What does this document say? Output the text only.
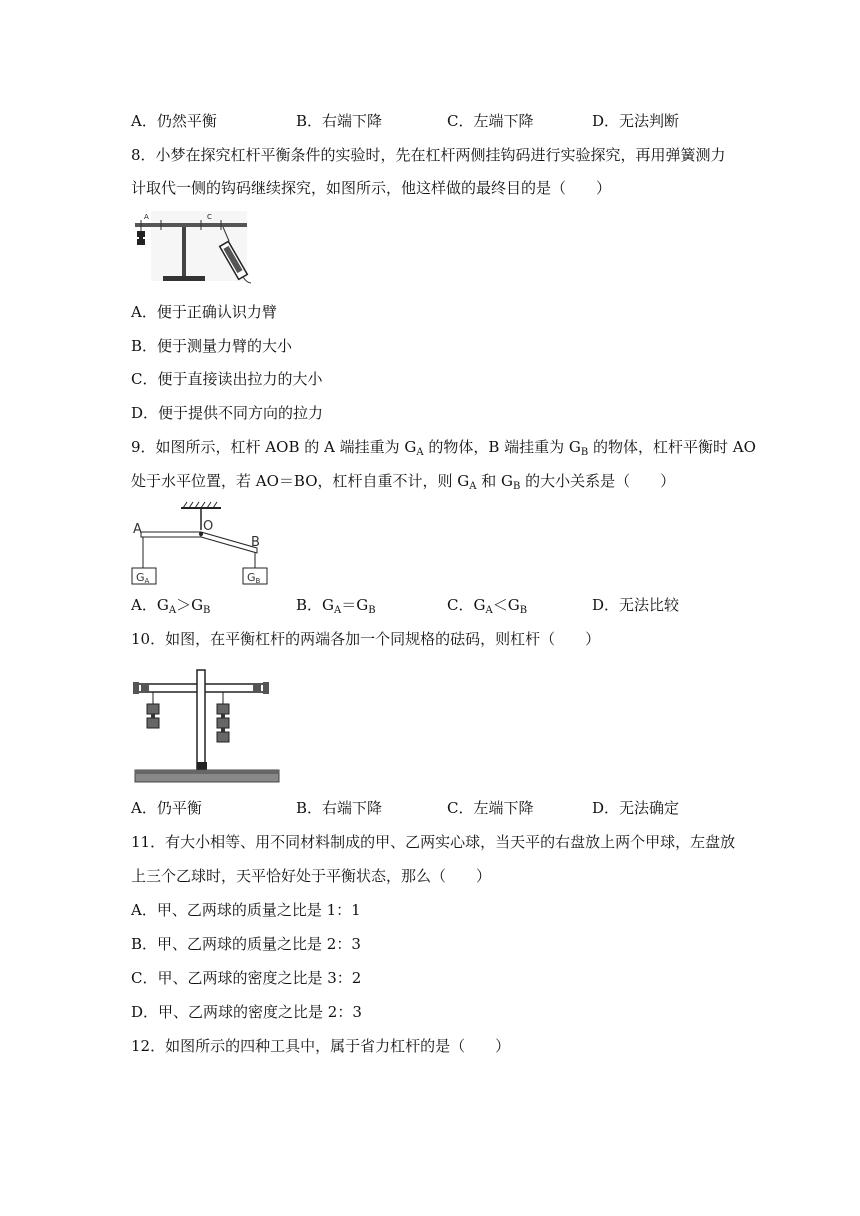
A．仍然平衡	B．右端下降	C．左端下降	D．无法判断
8．小梦在探究杠杆平衡条件的实验时，先在杠杆两侧挂钩码进行实验探究，再用弹簧测力
计取代一侧的钩码继续探究，如图所示，他这样做的最终目的是（　　）
A	C
A．便于正确认识力臂
B．便于测量力臂的大小
C．便于直接读出拉力的大小
D．便于提供不同方向的拉力
9．如图所示，杠杆 AOB 的 A 端挂重为 $G_A$ 的物体，B 端挂重为 $G_B$ 的物体，杠杆平衡时 AO
处于水平位置，若 AO＝BO，杠杆自重不计，则 $G_A$ 和 $G_B$ 的大小关系是（　　）
A	O
B
GA	GB
A．$G_A>G_B$	B．$G_A=G_B$	C．$G_A<G_B$	D．无法比较
10．如图，在平衡杠杆的两端各加一个同规格的砝码，则杠杆（　　）
A．仍平衡	B．右端下降	C．左端下降	D．无法确定
11．有大小相等、用不同材料制成的甲、乙两实心球，当天平的右盘放上两个甲球，左盘放
上三个乙球时，天平恰好处于平衡状态，那么（　　）
A．甲、乙两球的质量之比是 1：1
B．甲、乙两球的质量之比是 2：3
C．甲、乙两球的密度之比是 3：2
D．甲、乙两球的密度之比是 2：3
12．如图所示的四种工具中，属于省力杠杆的是（　　）
